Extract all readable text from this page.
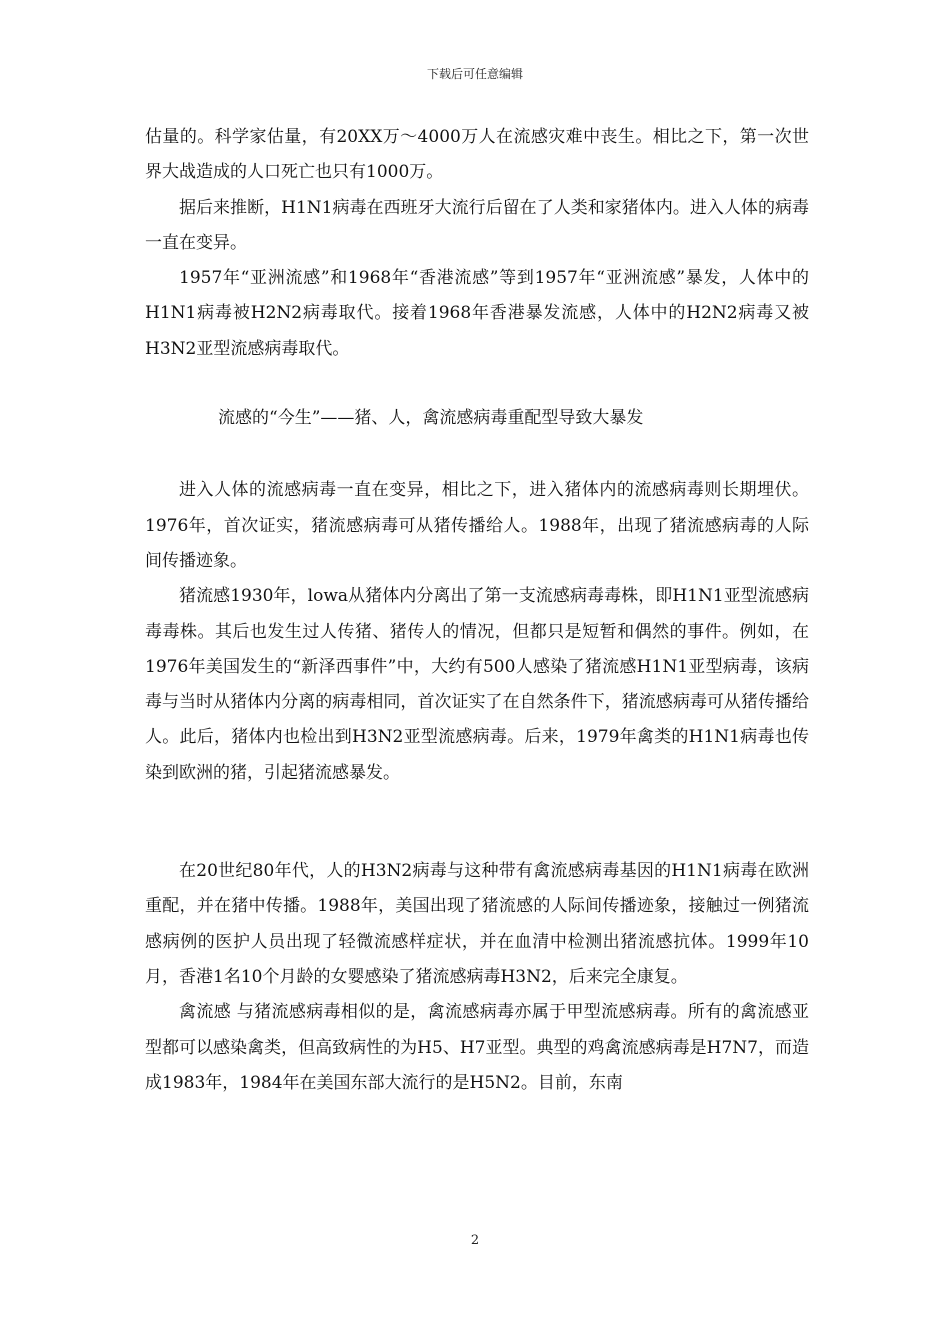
下载后可任意编辑

估量的。科学家估量，有20XX万～4000万人在流感灾难中丧生。相比之下，第一次世界大战造成的人口死亡也只有1000万。

据后来推断，H1N1病毒在西班牙大流行后留在了人类和家猪体内。进入人体的病毒一直在变异。

1957年“亚洲流感”和1968年“香港流感”等到1957年“亚洲流感”暴发，人体中的H1N1病毒被H2N2病毒取代。接着1968年香港暴发流感，人体中的H2N2病毒又被H3N2亚型流感病毒取代。

流感的“今生”——猪、人，禽流感病毒重配型导致大暴发

进入人体的流感病毒一直在变异，相比之下，进入猪体内的流感病毒则长期埋伏。1976年，首次证实，猪流感病毒可从猪传播给人。1988年，出现了猪流感病毒的人际间传播迹象。

猪流感1930年，lowa从猪体内分离出了第一支流感病毒毒株，即H1N1亚型流感病毒毒株。其后也发生过人传猪、猪传人的情况，但都只是短暂和偶然的事件。例如，在1976年美国发生的“新泽西事件”中，大约有500人感染了猪流感H1N1亚型病毒，该病毒与当时从猪体内分离的病毒相同，首次证实了在自然条件下，猪流感病毒可从猪传播给人。此后，猪体内也检出到H3N2亚型流感病毒。后来，1979年禽类的H1N1病毒也传染到欧洲的猪，引起猪流感暴发。

在20世纪80年代，人的H3N2病毒与这种带有禽流感病毒基因的H1N1病毒在欧洲重配，并在猪中传播。1988年，美国出现了猪流感的人际间传播迹象，接触过一例猪流感病例的医护人员出现了轻微流感样症状，并在血清中检测出猪流感抗体。1999年10月，香港1名10个月龄的女婴感染了猪流感病毒H3N2，后来完全康复。

禽流感 与猪流感病毒相似的是，禽流感病毒亦属于甲型流感病毒。所有的禽流感亚型都可以感染禽类，但高致病性的为H5、H7亚型。典型的鸡禽流感病毒是H7N7，而造成1983年，1984年在美国东部大流行的是H5N2。目前，东南

2
